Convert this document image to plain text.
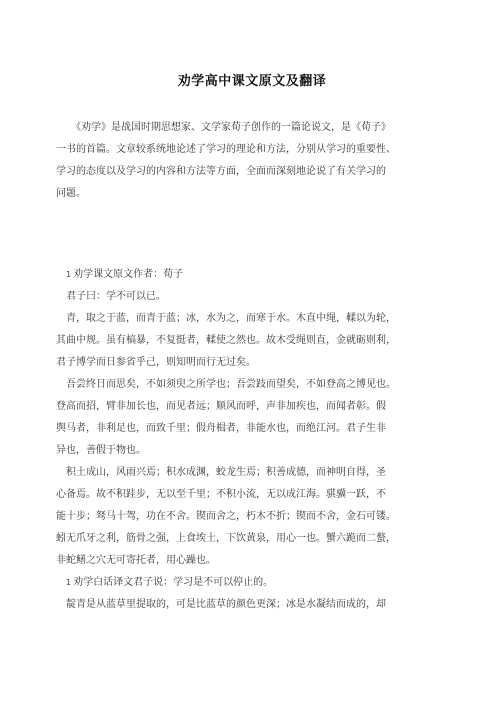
劝学高中课文原文及翻译
　　《劝学》是战国时期思想家、文学家荀子创作的一篇论说文，是《荀子》
一书的首篇。文章较系统地论述了学习的理论和方法，分别从学习的重要性、
学习的态度以及学习的内容和方法等方面，全面而深刻地论说了有关学习的
问题。
　1 劝学课文原文作者：荀子
　君子曰：学不可以已。
　青，取之于蓝，而青于蓝；冰，水为之，而寒于水。木直中绳，輮以为轮，
其曲中规。虽有槁暴，不复挺者，輮使之然也。故木受绳则直，金就砺则利，
君子博学而日参省乎己，则知明而行无过矣。
　吾尝终日而思矣，不如须臾之所学也；吾尝跂而望矣，不如登高之博见也。
登高而招，臂非加长也，而见者远；顺风而呼，声非加疾也，而闻者彰。假
舆马者，非利足也，而致千里；假舟楫者，非能水也，而绝江河。君子生非
异也，善假于物也。
　积土成山，风雨兴焉；积水成渊，蛟龙生焉；积善成德，而神明自得，圣
心备焉。故不积跬步，无以至千里；不积小流，无以成江海。骐骥一跃，不
能十步；驽马十驾，功在不舍。锲而舍之，朽木不折；锲而不舍，金石可镂。
蚓无爪牙之利，筋骨之强，上食埃土，下饮黄泉，用心一也。蟹六跪而二螯，
非蛇鳝之穴无可寄托者，用心躁也。
　1 劝学白话译文君子说：学习是不可以停止的。
　靛青是从蓝草里提取的，可是比蓝草的颜色更深；冰是水凝结而成的，却
